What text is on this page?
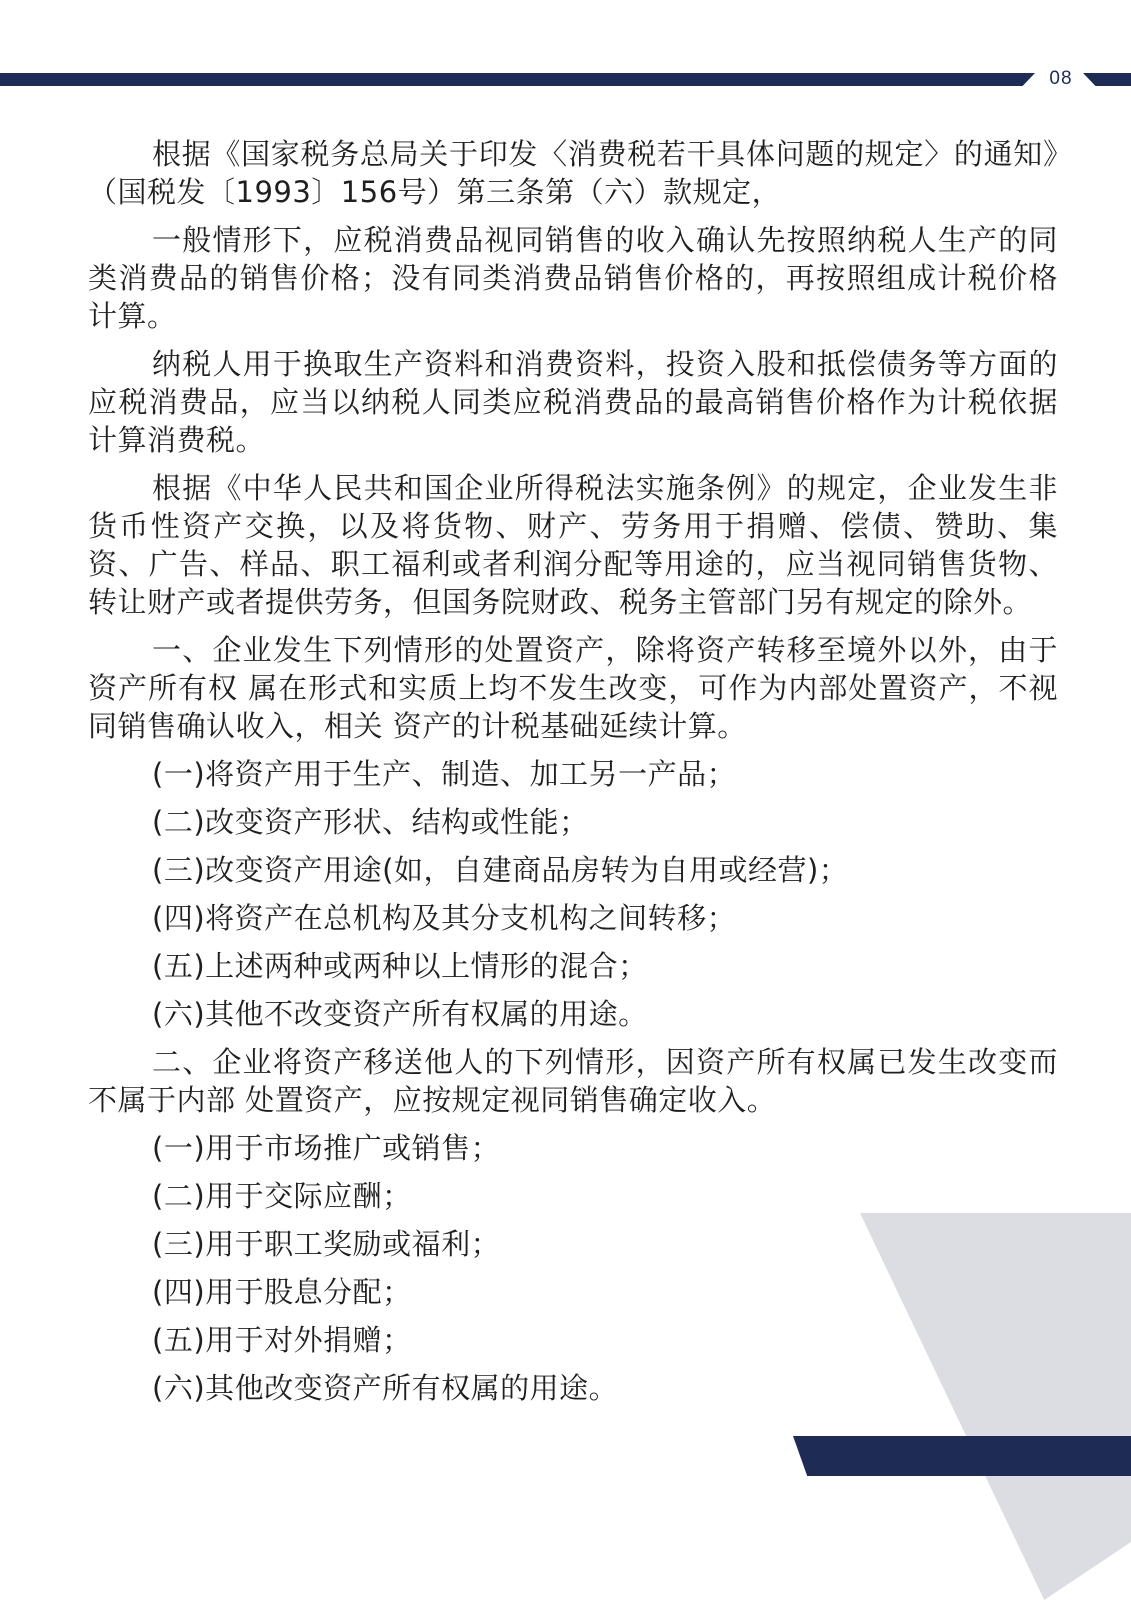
08

根据《国家税务总局关于印发〈消费税若干具体问题的规定〉的通知》（国税发〔1993〕156号）第三条第（六）款规定，

一般情形下，应税消费品视同销售的收入确认先按照纳税人生产的同类消费品的销售价格；没有同类消费品销售价格的，再按照组成计税价格计算。

纳税人用于换取生产资料和消费资料，投资入股和抵偿债务等方面的应税消费品，应当以纳税人同类应税消费品的最高销售价格作为计税依据计算消费税。

根据《中华人民共和国企业所得税法实施条例》的规定，企业发生非货币性资产交换，以及将货物、财产、劳务用于捐赠、偿债、赞助、集资、广告、样品、职工福利或者利润分配等用途的，应当视同销售货物、转让财产或者提供劳务，但国务院财政、税务主管部门另有规定的除外。

一、企业发生下列情形的处置资产，除将资产转移至境外以外，由于资产所有权 属在形式和实质上均不发生改变，可作为内部处置资产，不视同销售确认收入，相关 资产的计税基础延续计算。

(一)将资产用于生产、制造、加工另一产品；

(二)改变资产形状、结构或性能；

(三)改变资产用途(如，自建商品房转为自用或经营)；

(四)将资产在总机构及其分支机构之间转移；

(五)上述两种或两种以上情形的混合；

(六)其他不改变资产所有权属的用途。

二、企业将资产移送他人的下列情形，因资产所有权属已发生改变而不属于内部 处置资产，应按规定视同销售确定收入。

(一)用于市场推广或销售；

(二)用于交际应酬；

(三)用于职工奖励或福利；

(四)用于股息分配；

(五)用于对外捐赠；

(六)其他改变资产所有权属的用途。
